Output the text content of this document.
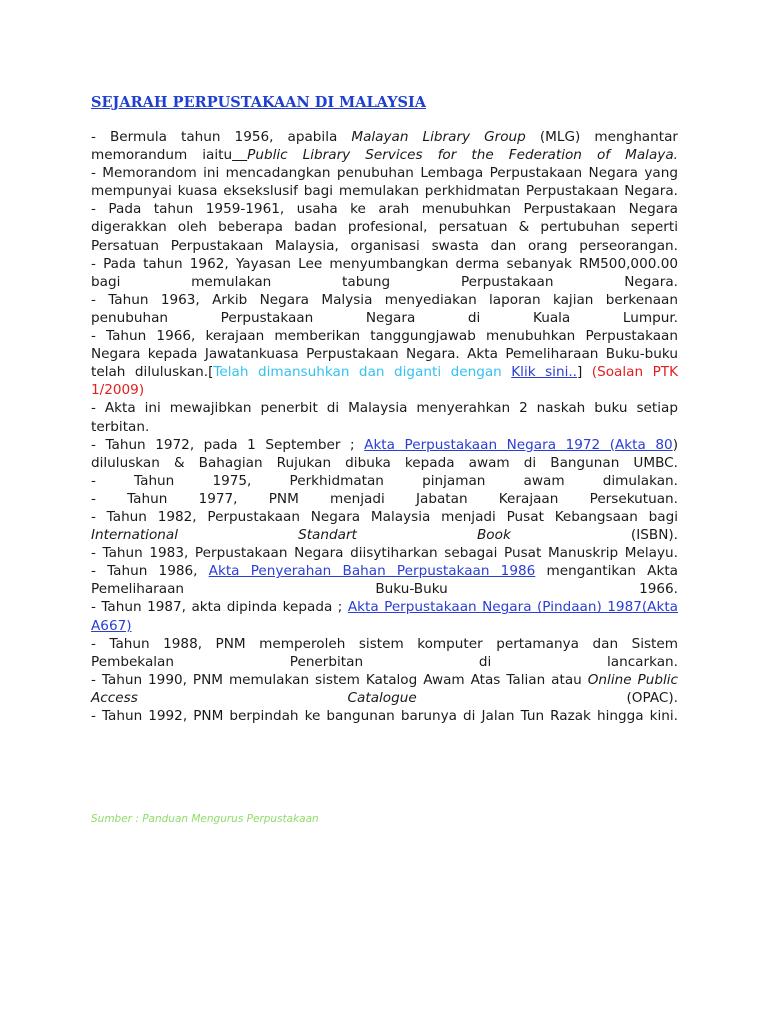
SEJARAH PERPUSTAKAAN DI MALAYSIA

- Bermula tahun 1956, apabila Malayan Library Group (MLG) menghantar memorandum iaitu Public Library Services for the Federation of Malaya.

- Memorandom ini mencadangkan penubuhan Lembaga Perpustakaan Negara yang mempunyai kuasa eksekslusif bagi memulakan perkhidmatan Perpustakaan Negara.

- Pada tahun 1959-1961, usaha ke arah menubuhkan Perpustakaan Negara digerakkan oleh beberapa badan profesional, persatuan & pertubuhan seperti Persatuan Perpustakaan Malaysia, organisasi swasta dan orang perseorangan.

- Pada tahun 1962, Yayasan Lee menyumbangkan derma sebanyak RM500,000.00 bagi memulakan tabung Perpustakaan Negara.

- Tahun 1963, Arkib Negara Malysia menyediakan laporan kajian berkenaan penubuhan Perpustakaan Negara di Kuala Lumpur.

- Tahun 1966, kerajaan memberikan tanggungjawab menubuhkan Perpustakaan Negara kepada Jawatankuasa Perpustakaan Negara. Akta Pemeliharaan Buku-buku telah diluluskan.[Telah dimansuhkan dan diganti dengan Klik sini..] (Soalan PTK 1/2009)

- Akta ini mewajibkan penerbit di Malaysia menyerahkan 2 naskah buku setiap terbitan.

- Tahun 1972, pada 1 September ; Akta Perpustakaan Negara 1972 (Akta 80) diluluskan & Bahagian Rujukan dibuka kepada awam di Bangunan UMBC.

- Tahun 1975, Perkhidmatan pinjaman awam dimulakan.

- Tahun 1977, PNM menjadi Jabatan Kerajaan Persekutuan.

- Tahun 1982, Perpustakaan Negara Malaysia menjadi Pusat Kebangsaan bagi International Standart Book (ISBN).

- Tahun 1983, Perpustakaan Negara diisytiharkan sebagai Pusat Manuskrip Melayu.

- Tahun 1986, Akta Penyerahan Bahan Perpustakaan 1986 mengantikan Akta Pemeliharaan Buku-Buku 1966.

- Tahun 1987, akta dipinda kepada ; Akta Perpustakaan Negara (Pindaan) 1987(Akta A667)

- Tahun 1988, PNM memperoleh sistem komputer pertamanya dan Sistem Pembekalan Penerbitan di lancarkan.

- Tahun 1990, PNM memulakan sistem Katalog Awam Atas Talian atau Online Public Access Catalogue (OPAC).

- Tahun 1992, PNM berpindah ke bangunan barunya di Jalan Tun Razak hingga kini.

Sumber : Panduan Mengurus Perpustakaan
